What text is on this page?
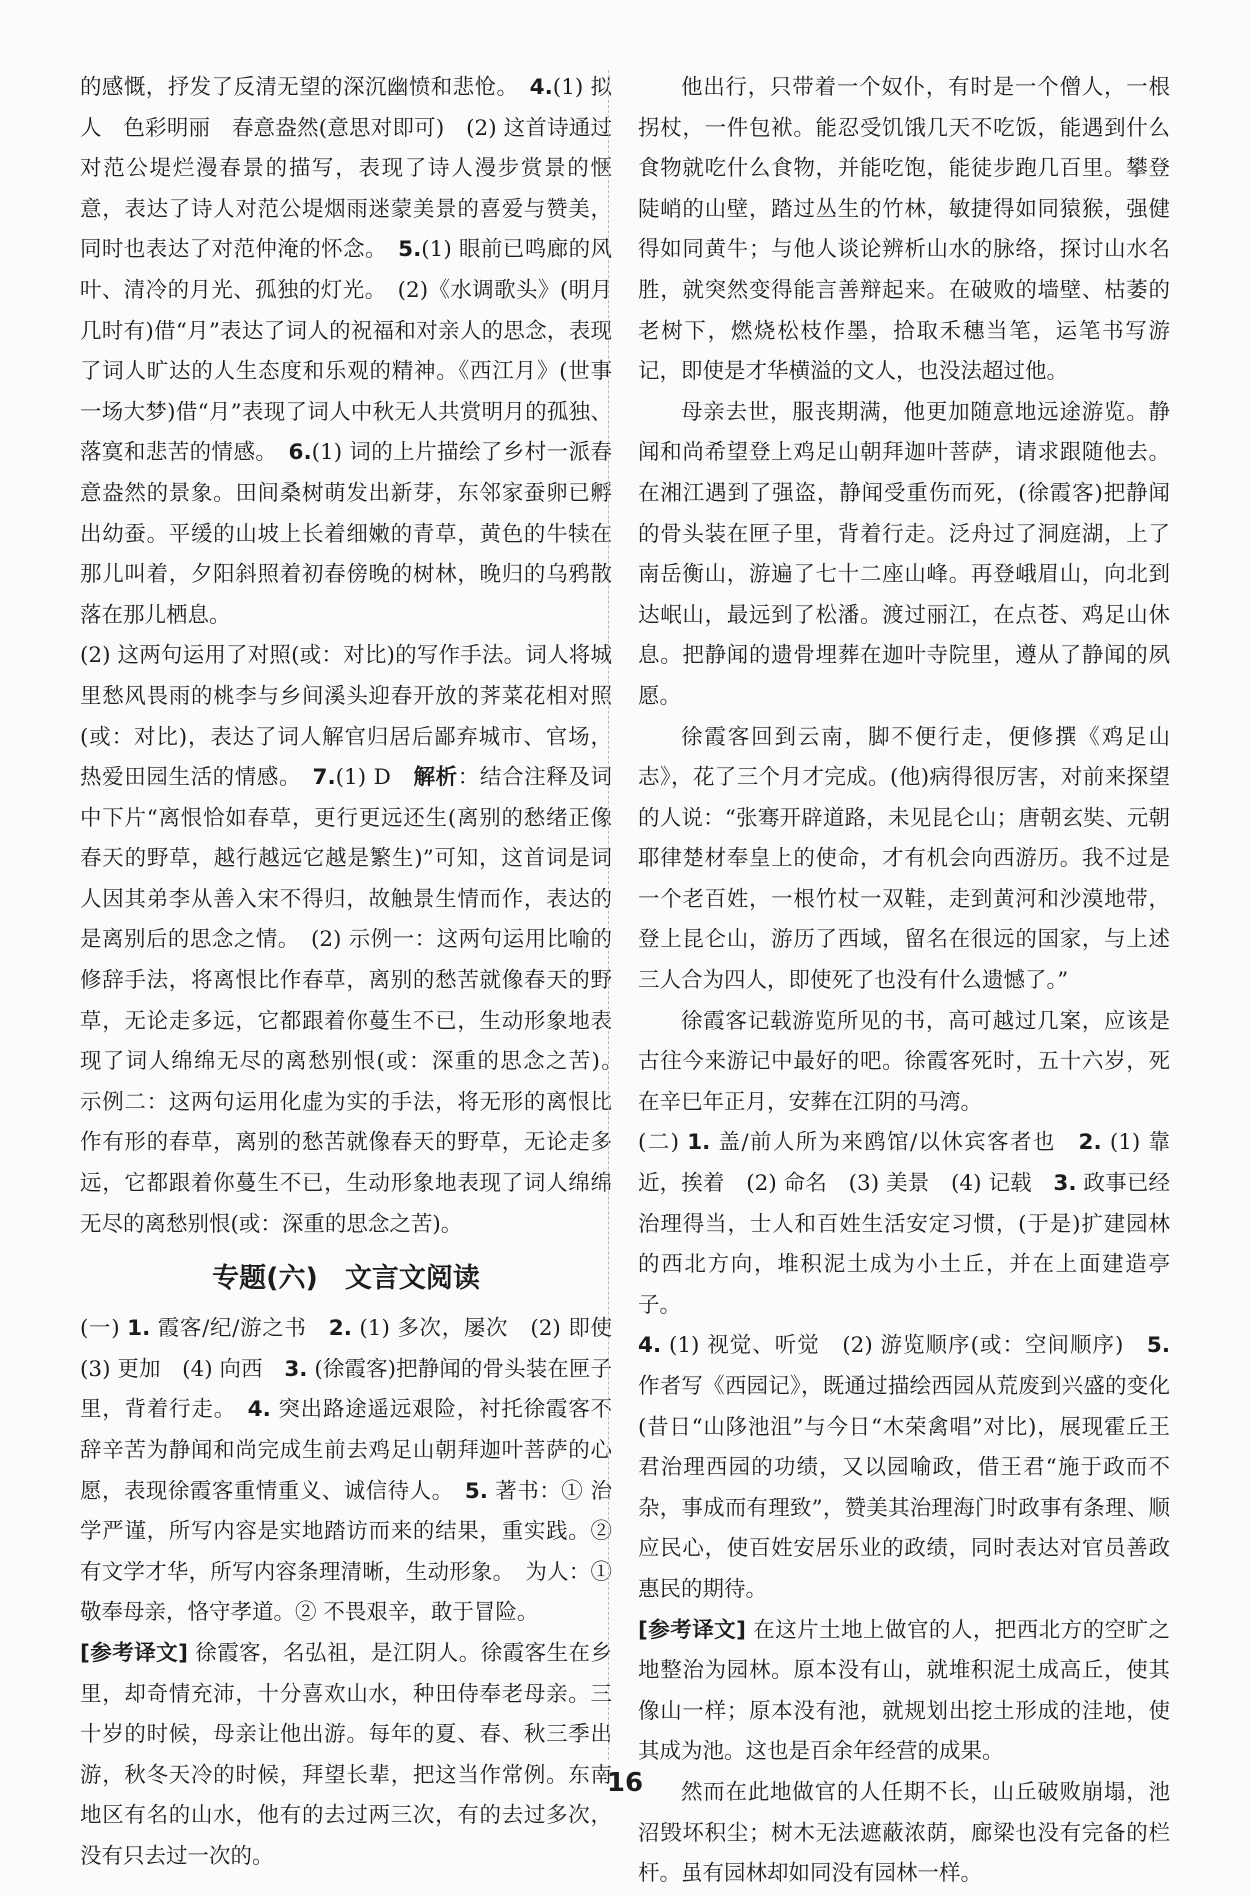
的感慨，抒发了反清无望的深沉幽愤和悲怆。　 4.(1) 拟人　色彩明丽　春意盎然(意思对即可)　(2) 这首诗通过对范公堤烂漫春景的描写，表现了诗人漫步赏景的惬意，表达了诗人对范公堤烟雨迷蒙美景的喜爱与赞美，同时也表达了对范仲淹的怀念。　 5.(1) 眼前已鸣廊的风叶、清冷的月光、孤独的灯光。　(2)《水调歌头》(明月几时有)借“月”表达了词人的祝福和对亲人的思念，表现了词人旷达的人生态度和乐观的精神。《西江月》(世事一场大梦)借“月”表现了词人中秋无人共赏明月的孤独、落寞和悲苦的情感。　 6.(1) 词的上片描绘了乡村一派春意盎然的景象。田间桑树萌发出新芽，东邻家蚕卵已孵出幼蚕。平缓的山坡上长着细嫩的青草，黄色的牛犊在那儿叫着，夕阳斜照着初春傍晚的树林，晚归的乌鸦散落在那儿栖息。

(2) 这两句运用了对照(或：对比)的写作手法。词人将城里愁风畏雨的桃李与乡间溪头迎春开放的荠菜花相对照(或：对比)，表达了词人解官归居后鄙弃城市、官场，热爱田园生活的情感。　 7.(1) D　解析：结合注释及词中下片“离恨恰如春草，更行更远还生(离别的愁绪正像春天的野草，越行越远它越是繁生)”可知，这首词是词人因其弟李从善入宋不得归，故触景生情而作，表达的是离别后的思念之情。　(2) 示例一：这两句运用比喻的修辞手法，将离恨比作春草，离别的愁苦就像春天的野草，无论走多远，它都跟着你蔓生不已，生动形象地表现了词人绵绵无尽的离愁别恨(或：深重的思念之苦)。　示例二：这两句运用化虚为实的手法，将无形的离恨比作有形的春草，离别的愁苦就像春天的野草，无论走多远，它都跟着你蔓生不已，生动形象地表现了词人绵绵无尽的离愁别恨(或：深重的思念之苦)。

专题(六)　文言文阅读

(一) 1. 霞客/纪/游之书　2. (1) 多次，屡次　(2) 即使　(3) 更加　(4) 向西　3. (徐霞客)把静闻的骨头装在匣子里，背着行走。　4. 突出路途遥远艰险，衬托徐霞客不辞辛苦为静闻和尚完成生前去鸡足山朝拜迦叶菩萨的心愿，表现徐霞客重情重义、诚信待人。　5. 著书：① 治学严谨，所写内容是实地踏访而来的结果，重实践。② 有文学才华，所写内容条理清晰，生动形象。　为人：① 敬奉母亲，恪守孝道。② 不畏艰辛，敢于冒险。

[参考译文] 徐霞客，名弘祖，是江阴人。徐霞客生在乡里，却奇情充沛，十分喜欢山水，种田侍奉老母亲。三十岁的时候，母亲让他出游。每年的夏、春、秋三季出游，秋冬天冷的时候，拜望长辈，把这当作常例。东南地区有名的山水，他有的去过两三次，有的去过多次，没有只去过一次的。

他出行，只带着一个奴仆，有时是一个僧人，一根拐杖，一件包袱。能忍受饥饿几天不吃饭，能遇到什么食物就吃什么食物，并能吃饱，能徒步跑几百里。攀登陡峭的山壁，踏过丛生的竹林，敏捷得如同猿猴，强健得如同黄牛；与他人谈论辨析山水的脉络，探讨山水名胜，就突然变得能言善辩起来。在破败的墙壁、枯萎的老树下，燃烧松枝作墨，拾取禾穗当笔，运笔书写游记，即使是才华横溢的文人，也没法超过他。

母亲去世，服丧期满，他更加随意地远途游览。静闻和尚希望登上鸡足山朝拜迦叶菩萨，请求跟随他去。在湘江遇到了强盗，静闻受重伤而死，(徐霞客)把静闻的骨头装在匣子里，背着行走。泛舟过了洞庭湖，上了南岳衡山，游遍了七十二座山峰。再登峨眉山，向北到达岷山，最远到了松潘。渡过丽江，在点苍、鸡足山休息。把静闻的遗骨埋葬在迦叶寺院里，遵从了静闻的夙愿。

徐霞客回到云南，脚不便行走，便修撰《鸡足山志》，花了三个月才完成。(他)病得很厉害，对前来探望的人说：“张骞开辟道路，未见昆仑山；唐朝玄奘、元朝耶律楚材奉皇上的使命，才有机会向西游历。我不过是一个老百姓，一根竹杖一双鞋，走到黄河和沙漠地带，登上昆仑山，游历了西域，留名在很远的国家，与上述三人合为四人，即使死了也没有什么遗憾了。”

徐霞客记载游览所见的书，高可越过几案，应该是古往今来游记中最好的吧。徐霞客死时，五十六岁，死在辛巳年正月，安葬在江阴的马湾。

(二) 1. 盖/前人所为来鸥馆/以休宾客者也　2. (1) 靠近，挨着　(2) 命名　(3) 美景　(4) 记载　3. 政事已经治理得当，士人和百姓生活安定习惯，(于是)扩建园林的西北方向，堆积泥土成为小土丘，并在上面建造亭子。

4. (1) 视觉、听觉　(2) 游览顺序(或：空间顺序)　5. 作者写《西园记》，既通过描绘西园从荒废到兴盛的变化(昔日“山陊池沮”与今日“木荣禽唱”对比)，展现霍丘王君治理西园的功绩，又以园喻政，借王君“施于政而不杂，事成而有理致”，赞美其治理海门时政事有条理、顺应民心，使百姓安居乐业的政绩，同时表达对官员善政惠民的期待。

[参考译文] 在这片土地上做官的人，把西北方的空旷之地整治为园林。原本没有山，就堆积泥土成高丘，使其像山一样；原本没有池，就规划出挖土形成的洼地，使其成为池。这也是百余年经营的成果。

然而在此地做官的人任期不长，山丘破败崩塌，池沼毁坏积尘；树木无法遮蔽浓荫，廊梁也没有完备的栏杆。虽有园林却如同没有园林一样。

16
